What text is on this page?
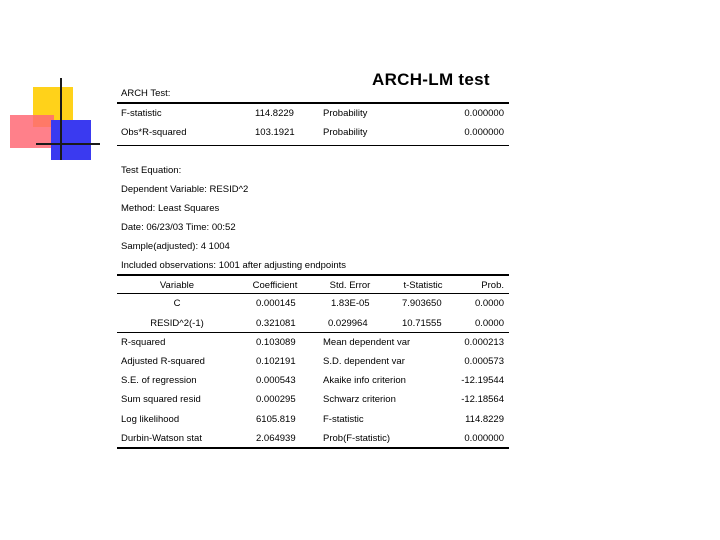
ARCH-LM test
ARCH Test:
F-statistic	114.8229	Probability	0.000000
Obs*R-squared	103.1921	Probability	0.000000
Test Equation:
Dependent Variable: RESID^2
Method: Least Squares
Date: 06/23/03 Time: 00:52
Sample(adjusted): 4 1004
Included observations: 1001 after adjusting endpoints
Variable	Coefficient	Std. Error	t-Statistic	Prob.
C	0.000145	1.83E-05	7.903650	0.0000
RESID^2(-1)	0.321081	0.029964	10.71555	0.0000
R-squared	0.103089	Mean dependent var	0.000213
Adjusted R-squared	0.102191	S.D. dependent var	0.000573
S.E. of regression	0.000543	Akaike info criterion	-12.19544
Sum squared resid	0.000295	Schwarz criterion	-12.18564
Log likelihood	6105.819	F-statistic	114.8229
Durbin-Watson stat	2.064939	Prob(F-statistic)	0.000000
